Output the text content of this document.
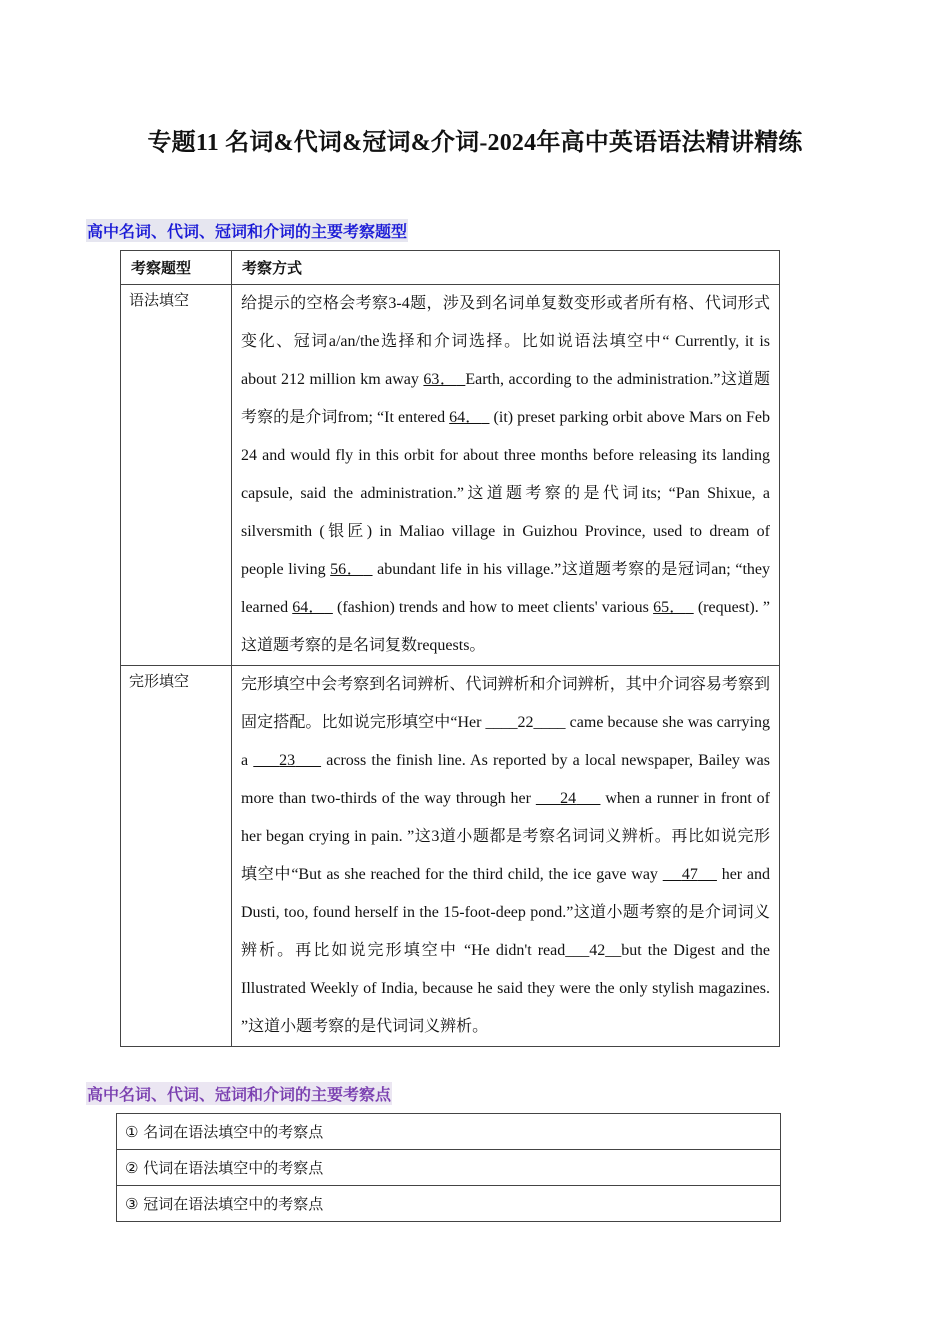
专题11 名词&代词&冠词&介词-2024年高中英语语法精讲精练
高中名词、代词、冠词和介词的主要考察题型
考察题型	考察方式
语法填空	给提示的空格会考察3-4题，涉及到名词单复数变形或者所有格、代词形式变化、冠词a/an/the选择和介词选择。比如说语法填空中“ Currently, it is about 212 million km away 63． Earth, according to the administration.”这道题考察的是介词from; “It entered 64．   (it) preset parking orbit above Mars on Feb 24 and would fly in this orbit for about three months before releasing its landing capsule, said the administration.”这道题考察的是代词its; “Pan Shixue, a silversmith (银匠) in Maliao village in Guizhou Province, used to dream of people living 56．   abundant life in his village.”这道题考察的是冠词an; “they learned 64．   (fashion) trends and how to meet clients' various 65．   (request). ” 这道题考察的是名词复数requests。

完形填空	完形填空中会考察到名词辨析、代词辨析和介词辨析，其中介词容易考察到固定搭配。比如说完形填空中“Her ____22____ came because she was carrying a      23      across the finish line. As reported by a local newspaper, Bailey was more than two-thirds of the way through her      24      when a runner in front of her began crying in pain. ”这3道小题都是考察名词词义辨析。再比如说完形填空中“But as she reached for the third child, the ice gave way     47     her and Dusti, too, found herself in the 15-foot-deep pond.”这道小题考察的是介词词义辨析。再比如说完形填空中 “He didn't read___42__but the Digest and the Illustrated Weekly of India, because he said they were the only stylish magazines. ”这道小题考察的是代词词义辨析。

高中名词、代词、冠词和介词的主要考察点
① 名词在语法填空中的考察点
② 代词在语法填空中的考察点
③ 冠词在语法填空中的考察点
